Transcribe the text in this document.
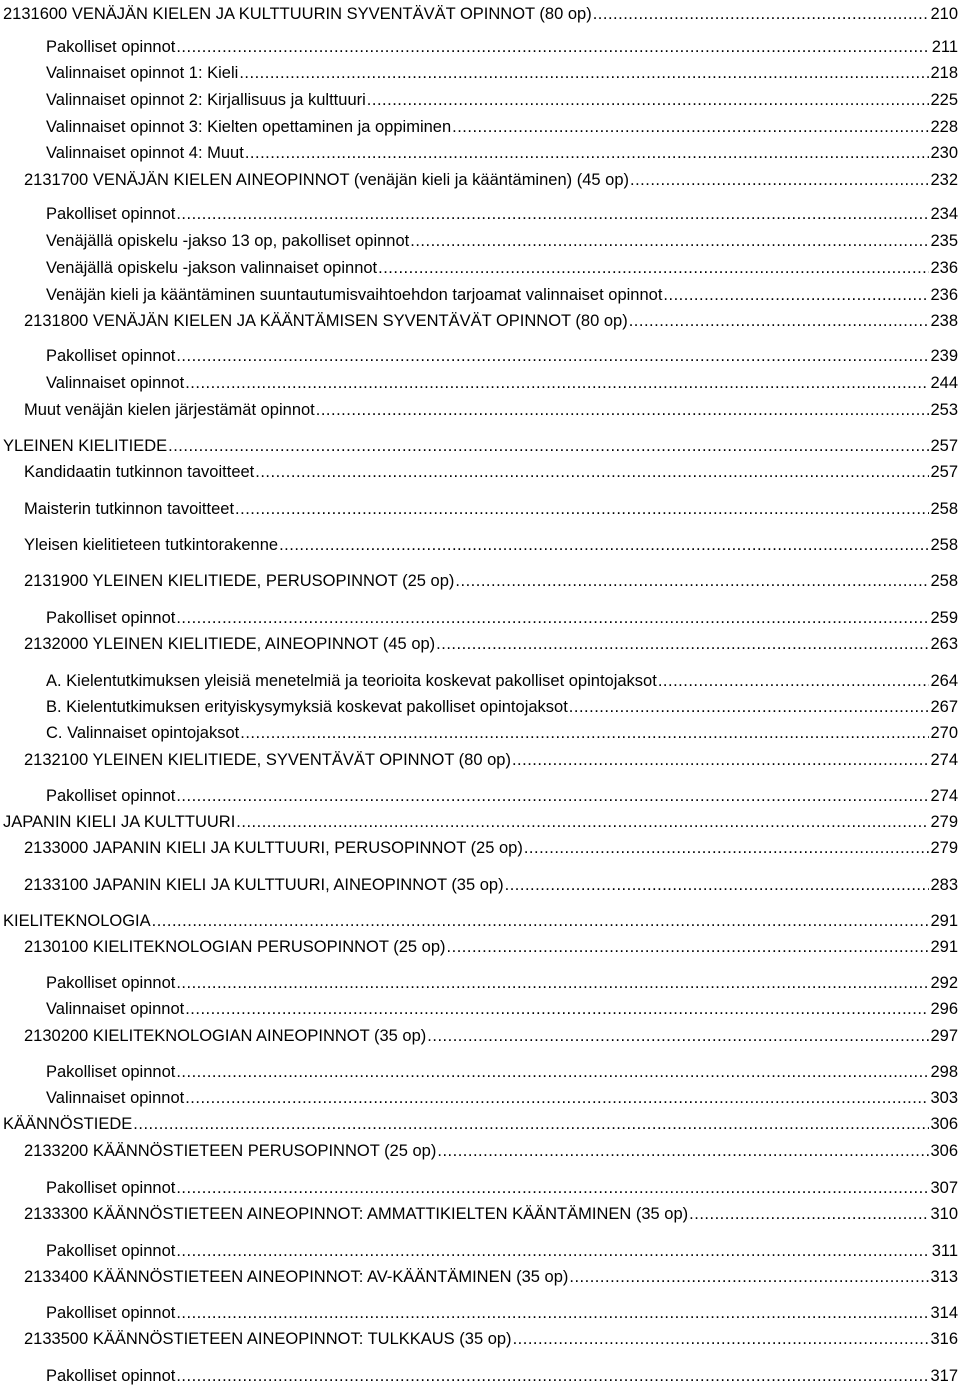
2131600 VENÄJÄN KIELEN JA KULTTUURIN SYVENTÄVÄT OPINNOT (80 op) .....	210
Pakolliset opinnot .....	211
Valinnaiset opinnot 1: Kieli .....	218
Valinnaiset opinnot 2: Kirjallisuus ja kulttuuri .....	225
Valinnaiset opinnot 3: Kielten opettaminen ja oppiminen .....	228
Valinnaiset opinnot 4: Muut .....	230
2131700 VENÄJÄN KIELEN AINEOPINNOT (venäjän kieli ja kääntäminen) (45 op) .....	232
Pakolliset opinnot .....	234
Venäjällä opiskelu -jakso 13 op, pakolliset opinnot .....	235
Venäjällä opiskelu -jakson valinnaiset opinnot .....	236
Venäjän kieli ja kääntäminen suuntautumisvaihtoehdon tarjoamat valinnaiset opinnot .....	236
2131800 VENÄJÄN KIELEN JA KÄÄNTÄMISEN SYVENTÄVÄT OPINNOT (80 op) .....	238
Pakolliset opinnot .....	239
Valinnaiset opinnot .....	244
Muut venäjän kielen järjestämät opinnot .....	253
YLEINEN KIELITIEDE .....	257
Kandidaatin tutkinnon tavoitteet .....	257
Maisterin tutkinnon tavoitteet .....	258
Yleisen kielitieteen tutkintorakenne .....	258
2131900 YLEINEN KIELITIEDE, PERUSOPINNOT (25 op) .....	258
Pakolliset opinnot .....	259
2132000 YLEINEN KIELITIEDE, AINEOPINNOT (45 op) .....	263
A. Kielentutkimuksen yleisiä menetelmiä ja teorioita koskevat pakolliset opintojaksot .....	264
B. Kielentutkimuksen erityiskysymyksiä koskevat pakolliset opintojaksot .....	267
C. Valinnaiset opintojaksot .....	270
2132100 YLEINEN KIELITIEDE, SYVENTÄVÄT OPINNOT (80 op) .....	274
Pakolliset opinnot .....	274
JAPANIN KIELI JA KULTTUURI .....	279
2133000 JAPANIN KIELI JA KULTTUURI, PERUSOPINNOT (25 op) .....	279
2133100 JAPANIN KIELI JA KULTTUURI, AINEOPINNOT (35 op) .....	283
KIELITEKNOLOGIA .....	291
2130100 KIELITEKNOLOGIAN PERUSOPINNOT (25 op) .....	291
Pakolliset opinnot .....	292
Valinnaiset opinnot .....	296
2130200 KIELITEKNOLOGIAN AINEOPINNOT (35 op) .....	297
Pakolliset opinnot .....	298
Valinnaiset opinnot .....	303
KÄÄNNÖSTIEDE .....	306
2133200 KÄÄNNÖSTIETEEN PERUSOPINNOT (25 op) .....	306
Pakolliset opinnot .....	307
2133300 KÄÄNNÖSTIETEEN AINEOPINNOT: AMMATTIKIELTEN KÄÄNTÄMINEN (35 op) .....	310
Pakolliset opinnot .....	311
2133400 KÄÄNNÖSTIETEEN AINEOPINNOT: AV-KÄÄNTÄMINEN (35 op) .....	313
Pakolliset opinnot .....	314
2133500 KÄÄNNÖSTIETEEN AINEOPINNOT: TULKKAUS (35 op) .....	316
Pakolliset opinnot .....	317
